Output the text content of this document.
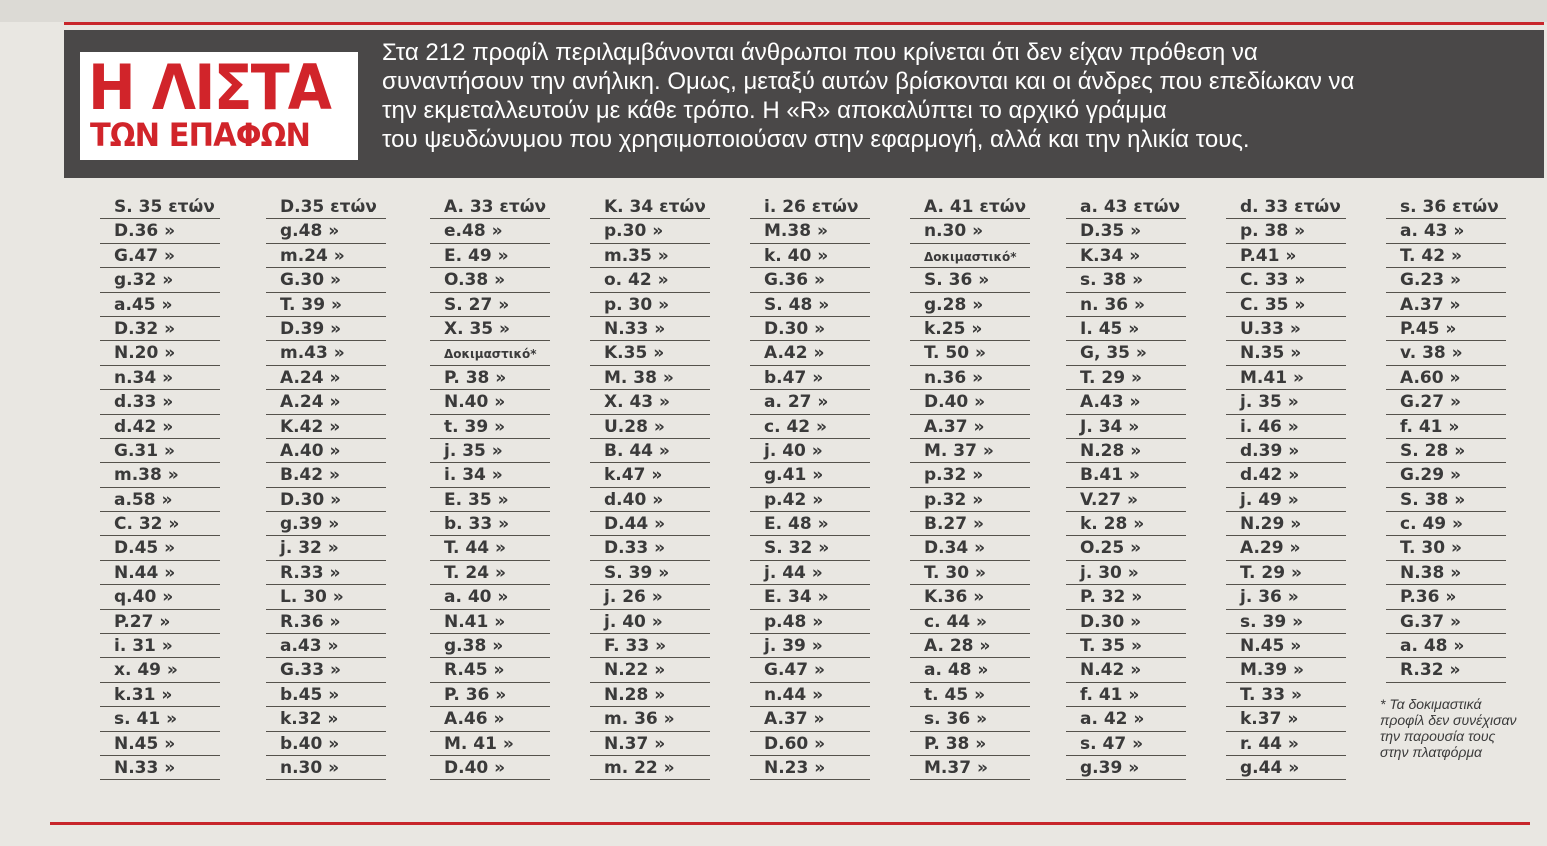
Η ΛΙΣΤΑ
ΤΩΝ ΕΠΑΦΩΝ
Στα 212 προφίλ περιλαμβάνονται άνθρωποι που κρίνεται ότι δεν είχαν πρόθεση να
συναντήσουν την ανήλικη. Ομως, μεταξύ αυτών βρίσκονται και οι άνδρες που επεδίωκαν να
την εκμεταλλευτούν με κάθε τρόπο. Η «R» αποκαλύπτει το αρχικό γράμμα
του ψευδώνυμου που χρησιμοποιούσαν στην εφαρμογή, αλλά και την ηλικία τους.
S. 35 ετών
D.36 »
G.47 »
g.32 »
a.45 »
D.32 »
N.20 »
n.34 »
d.33 »
d.42 »
G.31 »
m.38 »
a.58 »
C. 32 »
D.45 »
N.44 »
q.40 »
P.27 »
i. 31 »
x. 49 »
k.31 »
s. 41 »
N.45 »
N.33 »
D.35 ετών
g.48 »
m.24 »
G.30 »
T. 39 »
D.39 »
m.43 »
A.24 »
A.24 »
K.42 »
A.40 »
B.42 »
D.30 »
g.39 »
j. 32 »
R.33 »
L. 30 »
R.36 »
a.43 »
G.33 »
b.45 »
k.32 »
b.40 »
n.30 »
A. 33 ετών
e.48 »
E. 49 »
O.38 »
S. 27 »
X. 35 »
Δοκιμαστικό*
P. 38 »
N.40 »
t. 39 »
j. 35 »
i. 34 »
E. 35 »
b. 33 »
T. 44 »
T. 24 »
a. 40 »
N.41 »
g.38 »
R.45 »
P. 36 »
A.46 »
M. 41 »
D.40 »
K. 34 ετών
p.30 »
m.35 »
o. 42 »
p. 30 »
N.33 »
K.35 »
M. 38 »
X. 43 »
U.28 »
B. 44 »
k.47 »
d.40 »
D.44 »
D.33 »
S. 39 »
j. 26 »
j. 40 »
F. 33 »
N.22 »
N.28 »
m. 36 »
N.37 »
m. 22 »
i. 26 ετών
M.38 »
k. 40 »
G.36 »
S. 48 »
D.30 »
A.42 »
b.47 »
a. 27 »
c. 42 »
j. 40 »
g.41 »
p.42 »
E. 48 »
S. 32 »
j. 44 »
E. 34 »
p.48 »
j. 39 »
G.47 »
n.44 »
A.37 »
D.60 »
N.23 »
A. 41 ετών
n.30 »
Δοκιμαστικό*
S. 36 »
g.28 »
k.25 »
T. 50 »
n.36 »
D.40 »
A.37 »
M. 37 »
p.32 »
p.32 »
B.27 »
D.34 »
T. 30 »
K.36 »
c. 44 »
A. 28 »
a. 48 »
t. 45 »
s. 36 »
P. 38 »
M.37 »
a. 43 ετών
D.35 »
K.34 »
s. 38 »
n. 36 »
I. 45 »
G, 35 »
T. 29 »
A.43 »
J. 34 »
N.28 »
B.41 »
V.27 »
k. 28 »
O.25 »
j. 30 »
P. 32 »
D.30 »
T. 35 »
N.42 »
f. 41 »
a. 42 »
s. 47 »
g.39 »
d. 33 ετών
p. 38 »
P.41 »
C. 33 »
C. 35 »
U.33 »
N.35 »
M.41 »
j. 35 »
i. 46 »
d.39 »
d.42 »
j. 49 »
N.29 »
A.29 »
T. 29 »
j. 36 »
s. 39 »
N.45 »
M.39 »
T. 33 »
k.37 »
r. 44 »
g.44 »
s. 36 ετών
a. 43 »
T. 42 »
G.23 »
A.37 »
P.45 »
v. 38 »
A.60 »
G.27 »
f. 41 »
S. 28 »
G.29 »
S. 38 »
c. 49 »
T. 30 »
N.38 »
P.36 »
G.37 »
a. 48 »
R.32 »
* Τα δοκιμαστικά προφίλ δεν συνέχισαν την παρουσία τους στην πλατφόρμα
